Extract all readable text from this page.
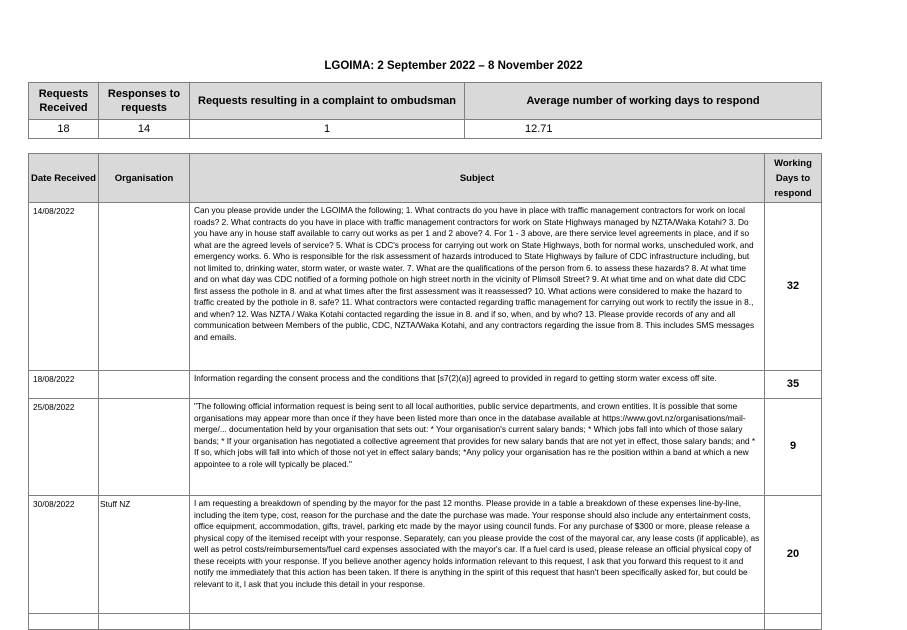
LGOIMA: 2 September 2022 – 8 November 2022
Requests Received	Responses to requests	Requests resulting in a complaint to ombudsman	Average number of working days to respond
18	14	1	12.71
Date Received	Organisation	Subject	Working Days to respond
14/08/2022		Can you please provide under the LGOIMA the following; 1. What contracts do you have in place with traffic management contractors for work on local roads? 2. What contracts do you have in place with traffic management contractors for work on State Highways managed by NZTA/Waka Kotahi? 3. Do you have any in house staff available to carry out works as per 1 and 2 above? 4. For 1 - 3 above, are there service level agreements in place, and if so what are the agreed levels of service? 5. What is CDC's process for carrying out work on State Highways, both for normal works, unscheduled work, and emergency works. 6. Who is responsible for the risk assessment of hazards introduced to State Highways by failure of CDC infrastructure including, but not limited to, drinking water, storm water, or waste water. 7. What are the qualifications of the person from 6. to assess these hazards? 8. At what time and on what day was CDC notified of a forming pothole on high street north in the vicinity of Plimsoll Street? 9. At what time and on what date did CDC first assess the pothole in 8. and at what times after the first assessment was it reassessed? 10. What actions were considered to make the hazard to traffic created by the pothole in 8. safe? 11. What contractors were contacted regarding traffic management for carrying out work to rectify the issue in 8., and when? 12. Was NZTA / Waka Kotahi contacted regarding the issue in 8. and if so, when, and by who? 13. Please provide records of any and all communication between Members of the public, CDC, NZTA/Waka Kotahi, and any contractors regarding the issue from 8. This includes SMS messages and emails.	32
18/08/2022		Information regarding the consent process and the conditions that [s7(2)(a)] agreed to provided in regard to getting storm water excess off site.	35
25/08/2022		"The following official information request is being sent to all local authorities, public service departments, and crown entities. It is possible that some organisations may appear more than once if they have been listed more than once in the database available at https://www.govt.nz/organisations/mail-merge/... documentation held by your organisation that sets out: * Your organisation's current salary bands; * Which jobs fall into which of those salary bands; * If your organisation has negotiated a collective agreement that provides for new salary bands that are not yet in effect, those salary bands; and * If so, which jobs will fall into which of those not yet in effect salary bands; *Any policy your organisation has re the position within a band at which a new appointee to a role will typically be placed."	9
30/08/2022	Stuff NZ	I am requesting a breakdown of spending by the mayor for the past 12 months. Please provide in a table a breakdown of these expenses line-by-line, including the item type, cost, reason for the purchase and the date the purchase was made. Your response should also include any entertainment costs, office equipment, accommodation, gifts, travel, parking etc made by the mayor using council funds. For any purchase of $300 or more, please release a physical copy of the itemised receipt with your response. Separately, can you please provide the cost of the mayoral car, any lease costs (if applicable), as well as petrol costs/reimbursements/fuel card expenses associated with the mayor's car. If a fuel card is used, please release an official physical copy of these receipts with your response. If you believe another agency holds information relevant to this request, I ask that you forward this request to it and notify me immediately that this action has been taken. If there is anything in the spirit of this request that hasn't been specifically asked for, but could be relevant to it, I ask that you include this detail in your response.	20
